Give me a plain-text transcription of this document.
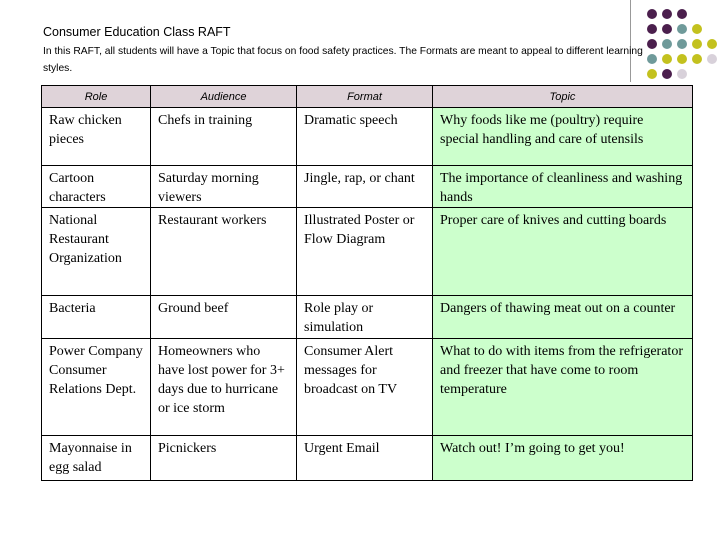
Consumer Education Class RAFT

In this RAFT, all students will have a Topic that focus on food safety practices. The Formats are meant to appeal to different learning styles.

Role	Audience	Format	Topic
Raw chicken pieces	Chefs in training	Dramatic speech	Why foods like me (poultry) require special handling and care of utensils
Cartoon characters	Saturday morning viewers	Jingle, rap, or chant	The importance of cleanliness and washing hands
National Restaurant Organization	Restaurant workers	Illustrated Poster or Flow Diagram	Proper care of knives and cutting boards
Bacteria	Ground beef	Role play or simulation	Dangers of thawing meat out on a counter
Power Company Consumer Relations Dept.	Homeowners who have lost power for 3+ days due to hurricane or ice storm	Consumer Alert messages for broadcast on TV	What to do with items from the refrigerator and freezer that have come to room temperature
Mayonnaise in egg salad	Picnickers	Urgent Email	Watch out! I’m going to get you!
